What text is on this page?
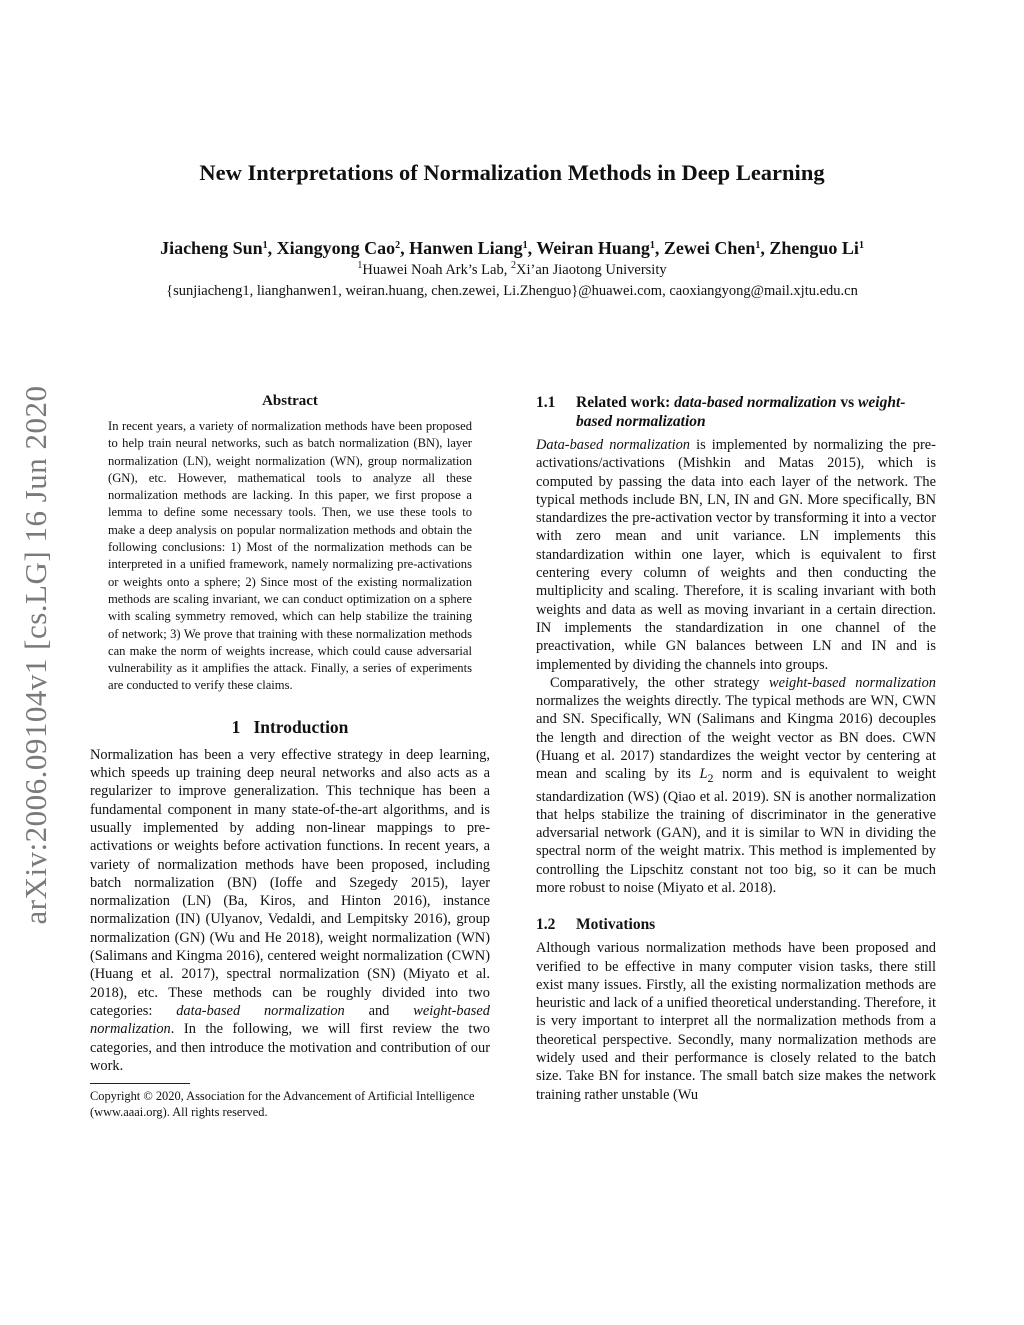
arXiv:2006.09104v1 [cs.LG] 16 Jun 2020
New Interpretations of Normalization Methods in Deep Learning
Jiacheng Sun$^1$, Xiangyong Cao$^2$, Hanwen Liang$^1$, Weiran Huang$^1$, Zewei Chen$^1$, Zhenguo Li$^1$
$^1$Huawei Noah Ark’s Lab, $^2$Xi’an Jiaotong University
{sunjiacheng1, lianghanwen1, weiran.huang, chen.zewei, Li.Zhenguo}@huawei.com, caoxiangyong@mail.xjtu.edu.cn
Abstract

In recent years, a variety of normalization methods have been proposed to help train neural networks, such as batch normalization (BN), layer normalization (LN), weight normalization (WN), group normalization (GN), etc. However, mathematical tools to analyze all these normalization methods are lacking. In this paper, we first propose a lemma to define some necessary tools. Then, we use these tools to make a deep analysis on popular normalization methods and obtain the following conclusions: 1) Most of the normalization methods can be interpreted in a unified framework, namely normalizing pre-activations or weights onto a sphere; 2) Since most of the existing normalization methods are scaling invariant, we can conduct optimization on a sphere with scaling symmetry removed, which can help stabilize the training of network; 3) We prove that training with these normalization methods can make the norm of weights increase, which could cause adversarial vulnerability as it amplifies the attack. Finally, a series of experiments are conducted to verify these claims.

1 Introduction

Normalization has been a very effective strategy in deep learning, which speeds up training deep neural networks and also acts as a regularizer to improve generalization. This technique has been a fundamental component in many state-of-the-art algorithms, and is usually implemented by adding non-linear mappings to pre-activations or weights before activation functions. In recent years, a variety of normalization methods have been proposed, including batch normalization (BN) (Ioffe and Szegedy 2015), layer normalization (LN) (Ba, Kiros, and Hinton 2016), instance normalization (IN) (Ulyanov, Vedaldi, and Lempitsky 2016), group normalization (GN) (Wu and He 2018), weight normalization (WN) (Salimans and Kingma 2016), centered weight normalization (CWN) (Huang et al. 2017), spectral normalization (SN) (Miyato et al. 2018), etc. These methods can be roughly divided into two categories: data-based normalization and weight-based normalization. In the following, we will first review the two categories, and then introduce the motivation and contribution of our work.

Copyright © 2020, Association for the Advancement of Artificial Intelligence (www.aaai.org). All rights reserved.

1.1	Related work: data-based normalization vs weight-based normalization

Data-based normalization is implemented by normalizing the pre-activations/activations (Mishkin and Matas 2015), which is computed by passing the data into each layer of the network. The typical methods include BN, LN, IN and GN. More specifically, BN standardizes the pre-activation vector by transforming it into a vector with zero mean and unit variance. LN implements this standardization within one layer, which is equivalent to first centering every column of weights and then conducting the multiplicity and scaling. Therefore, it is scaling invariant with both weights and data as well as moving invariant in a certain direction. IN implements the standardization in one channel of the preactivation, while GN balances between LN and IN and is implemented by dividing the channels into groups.

Comparatively, the other strategy weight-based normalization normalizes the weights directly. The typical methods are WN, CWN and SN. Specifically, WN (Salimans and Kingma 2016) decouples the length and direction of the weight vector as BN does. CWN (Huang et al. 2017) standardizes the weight vector by centering at mean and scaling by its $L_2$ norm and is equivalent to weight standardization (WS) (Qiao et al. 2019). SN is another normalization that helps stabilize the training of discriminator in the generative adversarial network (GAN), and it is similar to WN in dividing the spectral norm of the weight matrix. This method is implemented by controlling the Lipschitz constant not too big, so it can be much more robust to noise (Miyato et al. 2018).

1.2	Motivations

Although various normalization methods have been proposed and verified to be effective in many computer vision tasks, there still exist many issues. Firstly, all the existing normalization methods are heuristic and lack of a unified theoretical understanding. Therefore, it is very important to interpret all the normalization methods from a theoretical perspective. Secondly, many normalization methods are widely used and their performance is closely related to the batch size. Take BN for instance. The small batch size makes the network training rather unstable (Wu
